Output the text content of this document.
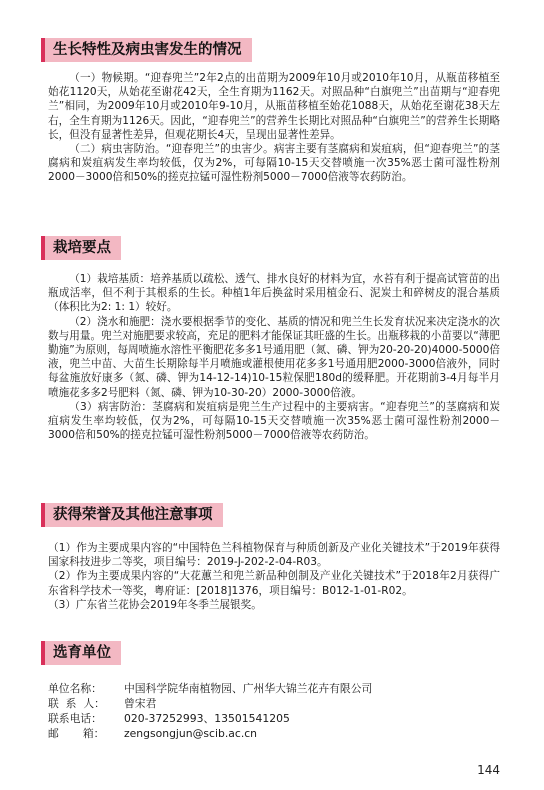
生长特性及病虫害发生的情况

（一）物候期。“迎春兜兰”2年2点的出苗期为2009年10月或2010年10月，从瓶苗移植至始花1120天，从始花至谢花42天，全生育期为1162天。对照品种“白旗兜兰”出苗期与“迎春兜兰”相同，为2009年10月或2010年9-10月，从瓶苗移植至始花1088天，从始花至谢花38天左右，全生育期为1126天。因此，“迎春兜兰”的营养生长期比对照品种“白旗兜兰”的营养生长期略长，但没有显著性差异，但观花期长4天，呈现出显著性差异。

（二）病虫害防治。“迎春兜兰”的虫害少。病害主要有茎腐病和炭疽病，但“迎春兜兰”的茎腐病和炭疽病发生率均较低，仅为2%，可每隔10-15天交替喷施一次35%恶士菌可湿性粉剂2000－3000倍和50%的搓克拉锰可湿性粉剂5000－7000倍液等农药防治。

栽培要点

（1）栽培基质：培养基质以疏松、透气、排水良好的材料为宜，水苔有利于提高试管苗的出瓶成活率，但不利于其根系的生长。种植1年后换盆时采用植金石、泥炭土和碎树皮的混合基质（体积比为2: 1: 1）较好。

（2）浇水和施肥：浇水要根据季节的变化、基质的情况和兜兰生长发育状况来决定浇水的次数与用量。兜兰对施肥要求较高，充足的肥料才能保证其旺盛的生长。出瓶移栽的小苗要以“薄肥勤施”为原则，每周喷施水溶性平衡肥花多多1号通用肥（氮、磷、钾为20-20-20)4000-5000倍液，兜兰中苗、大苗生长期除每半月喷施或灌根使用花多多1号通用肥2000-3000倍液外，同时每盆施放好康多（氮、磷、钾为14-12-14)10-15粒保肥180d的缓释肥。开花期前3-4月每半月喷施花多多2号肥料（氮、磷、钾为10-30-20）2000-3000倍液。

（3）病害防治：茎腐病和炭疽病是兜兰生产过程中的主要病害。“迎春兜兰”的茎腐病和炭疽病发生率均较低，仅为2%，可每隔10-15天交替喷施一次35%恶士菌可湿性粉剂2000－3000倍和50%的搓克拉锰可湿性粉剂5000－7000倍液等农药防治。

获得荣誉及其他注意事项

（1）作为主要成果内容的“中国特色兰科植物保育与种质创新及产业化关键技术”于2019年获得国家科技进步二等奖，项目编号：2019-J-202-2-04-R03。

（2）作为主要成果内容的“大花蕙兰和兜兰新品种创制及产业化关键技术”于2018年2月获得广东省科学技术一等奖，粤府证：[2018]1376，项目编号：B012-1-01-R02。

（3）广东省兰花协会2019年冬季兰展银奖。

选育单位
单位名称：	中国科学院华南植物园、广州华大锦兰花卉有限公司
联  系  人：	曾宋君
联系电话：	020-37252993、13501541205
邮       箱：	zengsongjun@scib.ac.cn
144
